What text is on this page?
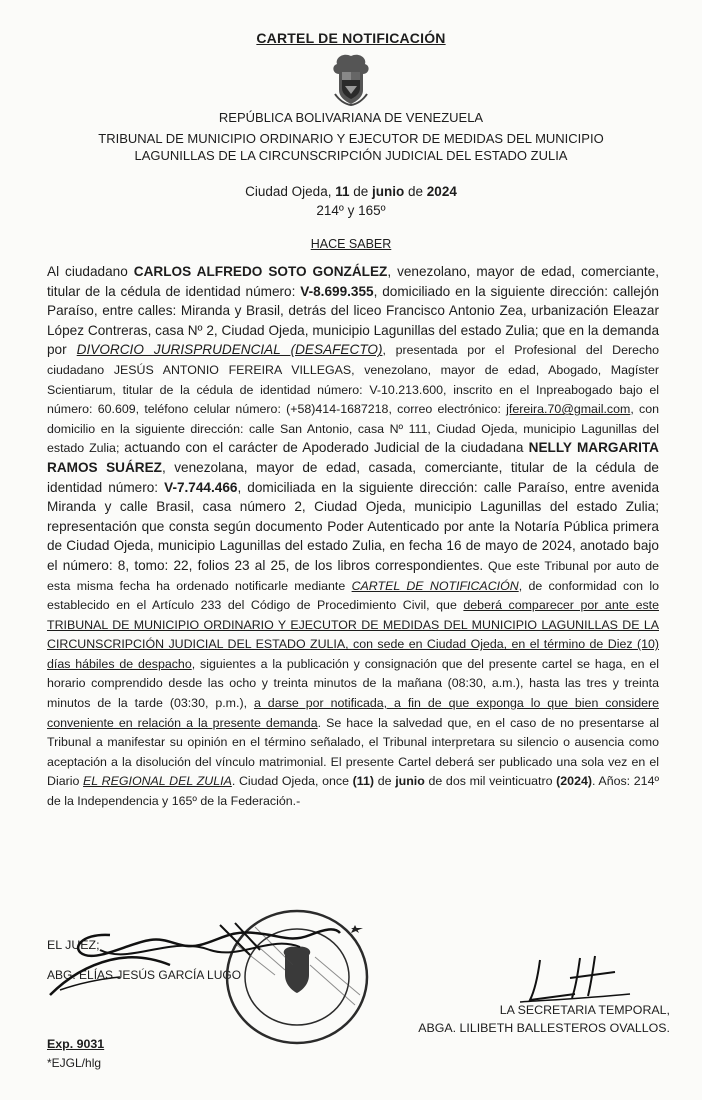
CARTEL DE NOTIFICACIÓN
REPÚBLICA BOLIVARIANA DE VENEZUELA
TRIBUNAL DE MUNICIPIO ORDINARIO Y EJECUTOR DE MEDIDAS DEL MUNICIPIO
LAGUNILLAS DE LA CIRCUNSCRIPCIÓN JUDICIAL DEL ESTADO ZULIA
Ciudad Ojeda, 11 de junio de 2024
214º y 165º
HACE SABER

Al ciudadano CARLOS ALFREDO SOTO GONZÁLEZ, venezolano, mayor de edad, comerciante, titular de la cédula de identidad número: V-8.699.355, domiciliado en la siguiente dirección: callejón Paraíso, entre calles: Miranda y Brasil, detrás del liceo Francisco Antonio Zea, urbanización Eleazar López Contreras, casa Nº 2, Ciudad Ojeda, municipio Lagunillas del estado Zulia; que en la demanda por DIVORCIO JURISPRUDENCIAL (DESAFECTO), presentada por el Profesional del Derecho ciudadano JESÚS ANTONIO FEREIRA VILLEGAS, venezolano, mayor de edad, Abogado, Magíster Scientiarum, titular de la cédula de identidad número: V-10.213.600, inscrito en el Inpreabogado bajo el número: 60.609, teléfono celular número: (+58)414-1687218, correo electrónico: jfereira.70@gmail.com, con domicilio en la siguiente dirección: calle San Antonio, casa Nº 111, Ciudad Ojeda, municipio Lagunillas del estado Zulia; actuando con el carácter de Apoderado Judicial de la ciudadana NELLY MARGARITA RAMOS SUÁREZ, venezolana, mayor de edad, casada, comerciante, titular de la cédula de identidad número: V-7.744.466, domiciliada en la siguiente dirección: calle Paraíso, entre avenida Miranda y calle Brasil, casa número 2, Ciudad Ojeda, municipio Lagunillas del estado Zulia; representación que consta según documento Poder Autenticado por ante la Notaría Pública primera de Ciudad Ojeda, municipio Lagunillas del estado Zulia, en fecha 16 de mayo de 2024, anotado bajo el número: 8, tomo: 22, folios 23 al 25, de los libros correspondientes. Que este Tribunal por auto de esta misma fecha ha ordenado notificarle mediante CARTEL DE NOTIFICACIÓN, de conformidad con lo establecido en el Artículo 233 del Código de Procedimiento Civil, que deberá comparecer por ante este TRIBUNAL DE MUNICIPIO ORDINARIO Y EJECUTOR DE MEDIDAS DEL MUNICIPIO LAGUNILLAS DE LA CIRCUNSCRIPCIÓN JUDICIAL DEL ESTADO ZULIA, con sede en Ciudad Ojeda, en el término de Diez (10) días hábiles de despacho, siguientes a la publicación y consignación que del presente cartel se haga, en el horario comprendido desde las ocho y treinta minutos de la mañana (08:30, a.m.), hasta las tres y treinta minutos de la tarde (03:30, p.m.), a darse por notificada, a fin de que exponga lo que bien considere conveniente en relación a la presente demanda. Se hace la salvedad que, en el caso de no presentarse al Tribunal a manifestar su opinión en el término señalado, el Tribunal interpretara su silencio o ausencia como aceptación a la disolución del vínculo matrimonial. El presente Cartel deberá ser publicado una sola vez en el Diario EL REGIONAL DEL ZULIA. Ciudad Ojeda, once (11) de junio de dos mil veinticuatro (2024). Años: 214º de la Independencia y 165º de la Federación.-

EL JUEZ;
ABG. ELÍAS JESÚS GARCÍA LUGO
LA SECRETARIA TEMPORAL,
ABGA. LILIBETH BALLESTEROS OVALLOS.
Exp. 9031
*EJGL/hlg
